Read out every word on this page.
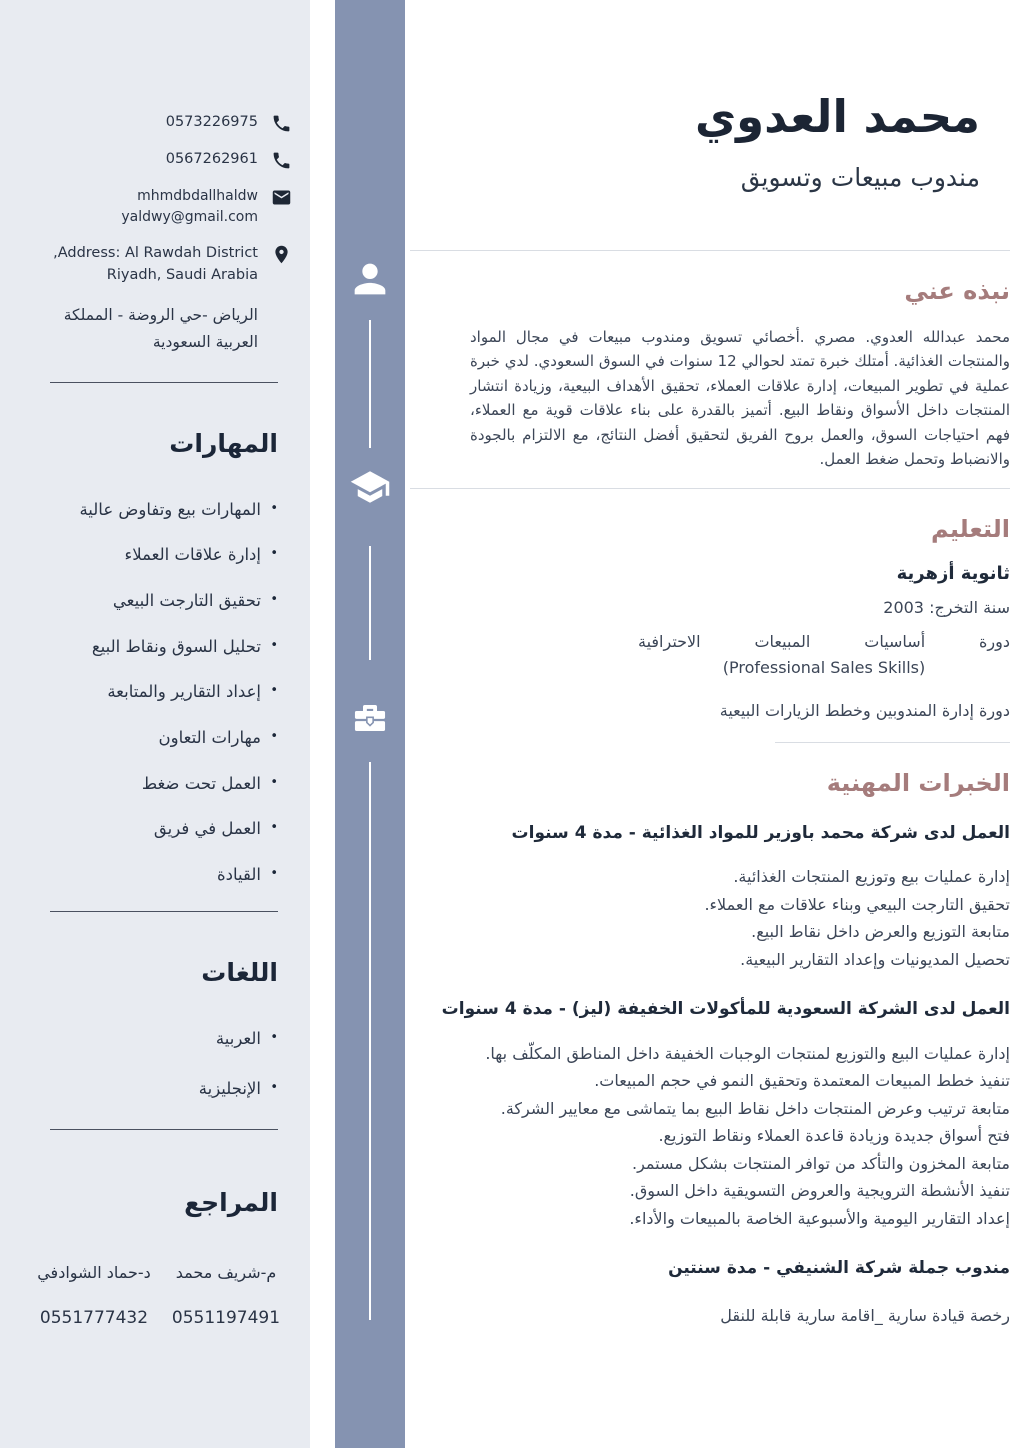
0573226975
0567262961
mhmdbdallhaldw yaldwy@gmail.com
Address: Al Rawdah District,
Riyadh, Saudi Arabia
الرياض -حي الروضة - المملكة العربية السعودية
المهارات
• المهارات بيع وتفاوض عالية
• إدارة علاقات العملاء
• تحقيق التارجت البيعي
• تحليل السوق ونقاط البيع
• إعداد التقارير والمتابعة
• مهارات التعاون
• العمل تحت ضغط
• العمل في فريق
• القيادة
اللغات
• العربية
• الإنجليزية
المراجع
م-شريف محمد
0551197491
د-حماد الشوادفي
0551777432
محمد العدوي
مندوب مبيعات وتسويق
نبذه عني

محمد عبدالله العدوي. مصري .أخصائي تسويق ومندوب مبيعات في مجال المواد والمنتجات الغذائية. أمتلك خبرة تمتد لحوالي 12 سنوات في السوق السعودي. لدي خبرة عملية في تطوير المبيعات، إدارة علاقات العملاء، تحقيق الأهداف البيعية، وزيادة انتشار المنتجات داخل الأسواق ونقاط البيع. أتميز بالقدرة على بناء علاقات قوية مع العملاء، فهم احتياجات السوق، والعمل بروح الفريق لتحقيق أفضل النتائج، مع الالتزام بالجودة والانضباط وتحمل ضغط العمل.

التعليم
ثانوية أزهرية
سنة التخرج: 2003
دورة أساسيات المبيعات الاحترافية
(Professional Sales Skills)
دورة إدارة المندوبين وخطط الزيارات البيعية
الخبرات المهنية
العمل لدى شركة محمد باوزير للمواد الغذائية - مدة 4 سنوات
إدارة عمليات بيع وتوزيع المنتجات الغذائية.
تحقيق التارجت البيعي وبناء علاقات مع العملاء.
متابعة التوزيع والعرض داخل نقاط البيع.
تحصيل المديونيات وإعداد التقارير البيعية.
العمل لدى الشركة السعودية للمأكولات الخفيفة (ليز) - مدة 4 سنوات
إدارة عمليات البيع والتوزيع لمنتجات الوجبات الخفيفة داخل المناطق المكلّف بها.
تنفيذ خطط المبيعات المعتمدة وتحقيق النمو في حجم المبيعات.
متابعة ترتيب وعرض المنتجات داخل نقاط البيع بما يتماشى مع معايير الشركة.
فتح أسواق جديدة وزيادة قاعدة العملاء ونقاط التوزيع.
متابعة المخزون والتأكد من توافر المنتجات بشكل مستمر.
تنفيذ الأنشطة الترويجية والعروض التسويقية داخل السوق.
إعداد التقارير اليومية والأسبوعية الخاصة بالمبيعات والأداء.
مندوب جملة شركة الشنيفي - مدة سنتين
رخصة قيادة سارية _اقامة سارية قابلة للنقل
